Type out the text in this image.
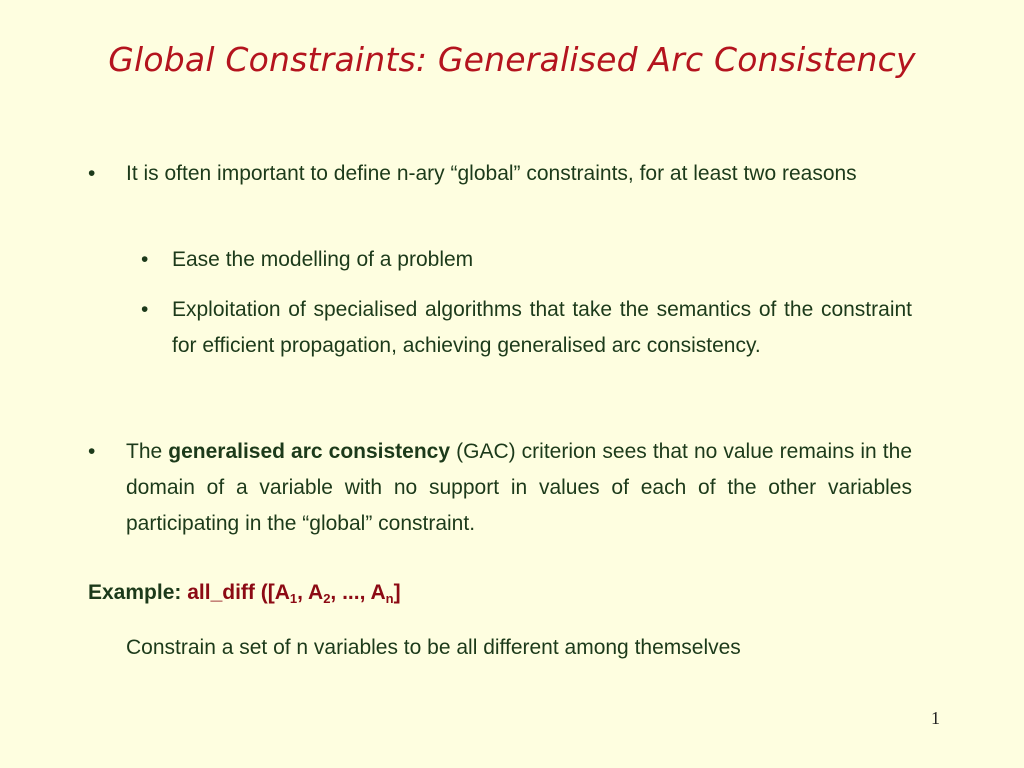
Global Constraints: Generalised Arc Consistency
• It is often important to define n-ary “global” constraints, for at least two reasons
• Ease the modelling of a problem
• Exploitation of specialised algorithms that take the semantics of the constraint for efficient propagation, achieving generalised arc consistency.
• The generalised arc consistency (GAC) criterion sees that no value remains in the domain of a variable with no support in values of each of the other variables participating in the “global” constraint.
Example: all_diff ([$A_1$, $A_2$, ..., $A_n$]
Constrain a set of n variables to be all different among themselves
1
